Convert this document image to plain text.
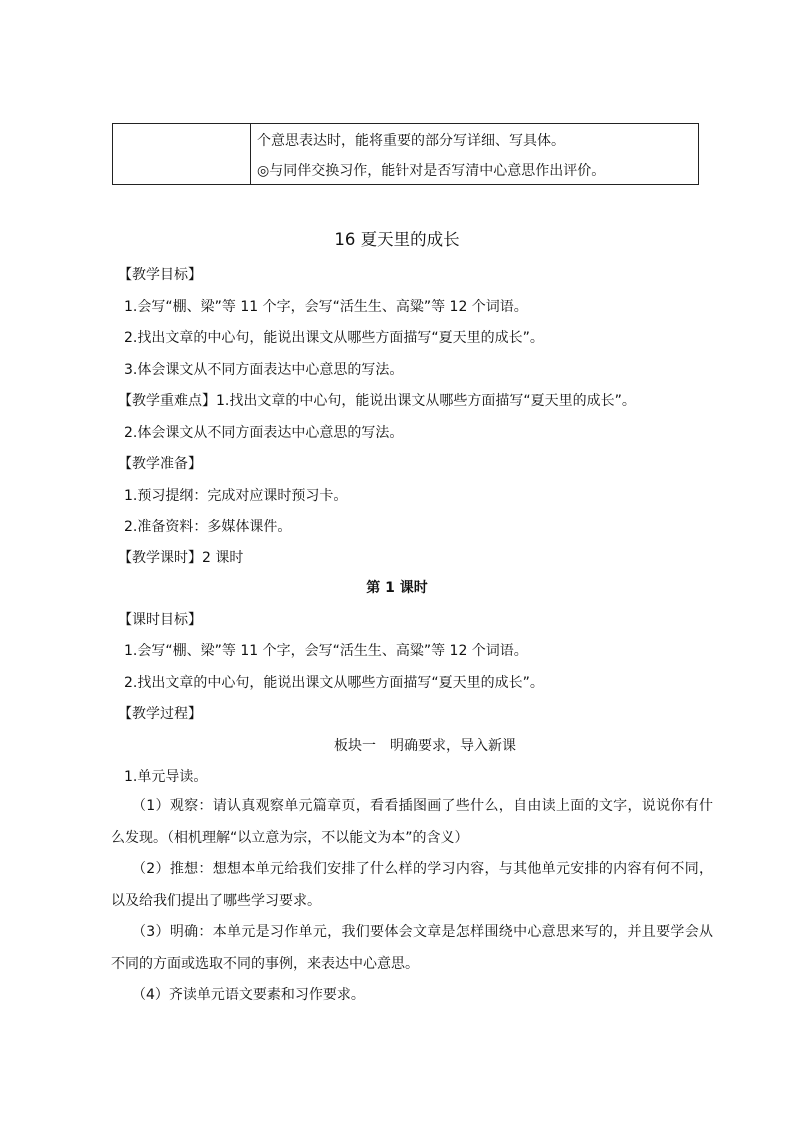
个意思表达时，能将重要的部分写详细、写具体。

◎与同伴交换习作，能针对是否写清中心意思作出评价。

16 夏天里的成长
【教学目标】
1.会写“棚、梁”等 11 个字，会写“活生生、高粱”等 12 个词语。
2.找出文章的中心句，能说出课文从哪些方面描写“夏天里的成长”。
3.体会课文从不同方面表达中心意思的写法。
【教学重难点】1.找出文章的中心句，能说出课文从哪些方面描写“夏天里的成长”。
2.体会课文从不同方面表达中心意思的写法。
【教学准备】
1.预习提纲：完成对应课时预习卡。
2.准备资料：多媒体课件。
【教学课时】2 课时
第 1 课时
【课时目标】
1.会写“棚、梁”等 11 个字，会写“活生生、高粱”等 12 个词语。
2.找出文章的中心句，能说出课文从哪些方面描写“夏天里的成长”。
【教学过程】
板块一　明确要求，导入新课
1.单元导读。
（1）观察：请认真观察单元篇章页，看看插图画了些什么，自由读上面的文字，说说你有什么发现。（相机理解“以立意为宗，不以能文为本”的含义）
（2）推想：想想本单元给我们安排了什么样的学习内容，与其他单元安排的内容有何不同，以及给我们提出了哪些学习要求。
（3）明确：本单元是习作单元，我们要体会文章是怎样围绕中心意思来写的，并且要学会从不同的方面或选取不同的事例，来表达中心意思。
（4）齐读单元语文要素和习作要求。
